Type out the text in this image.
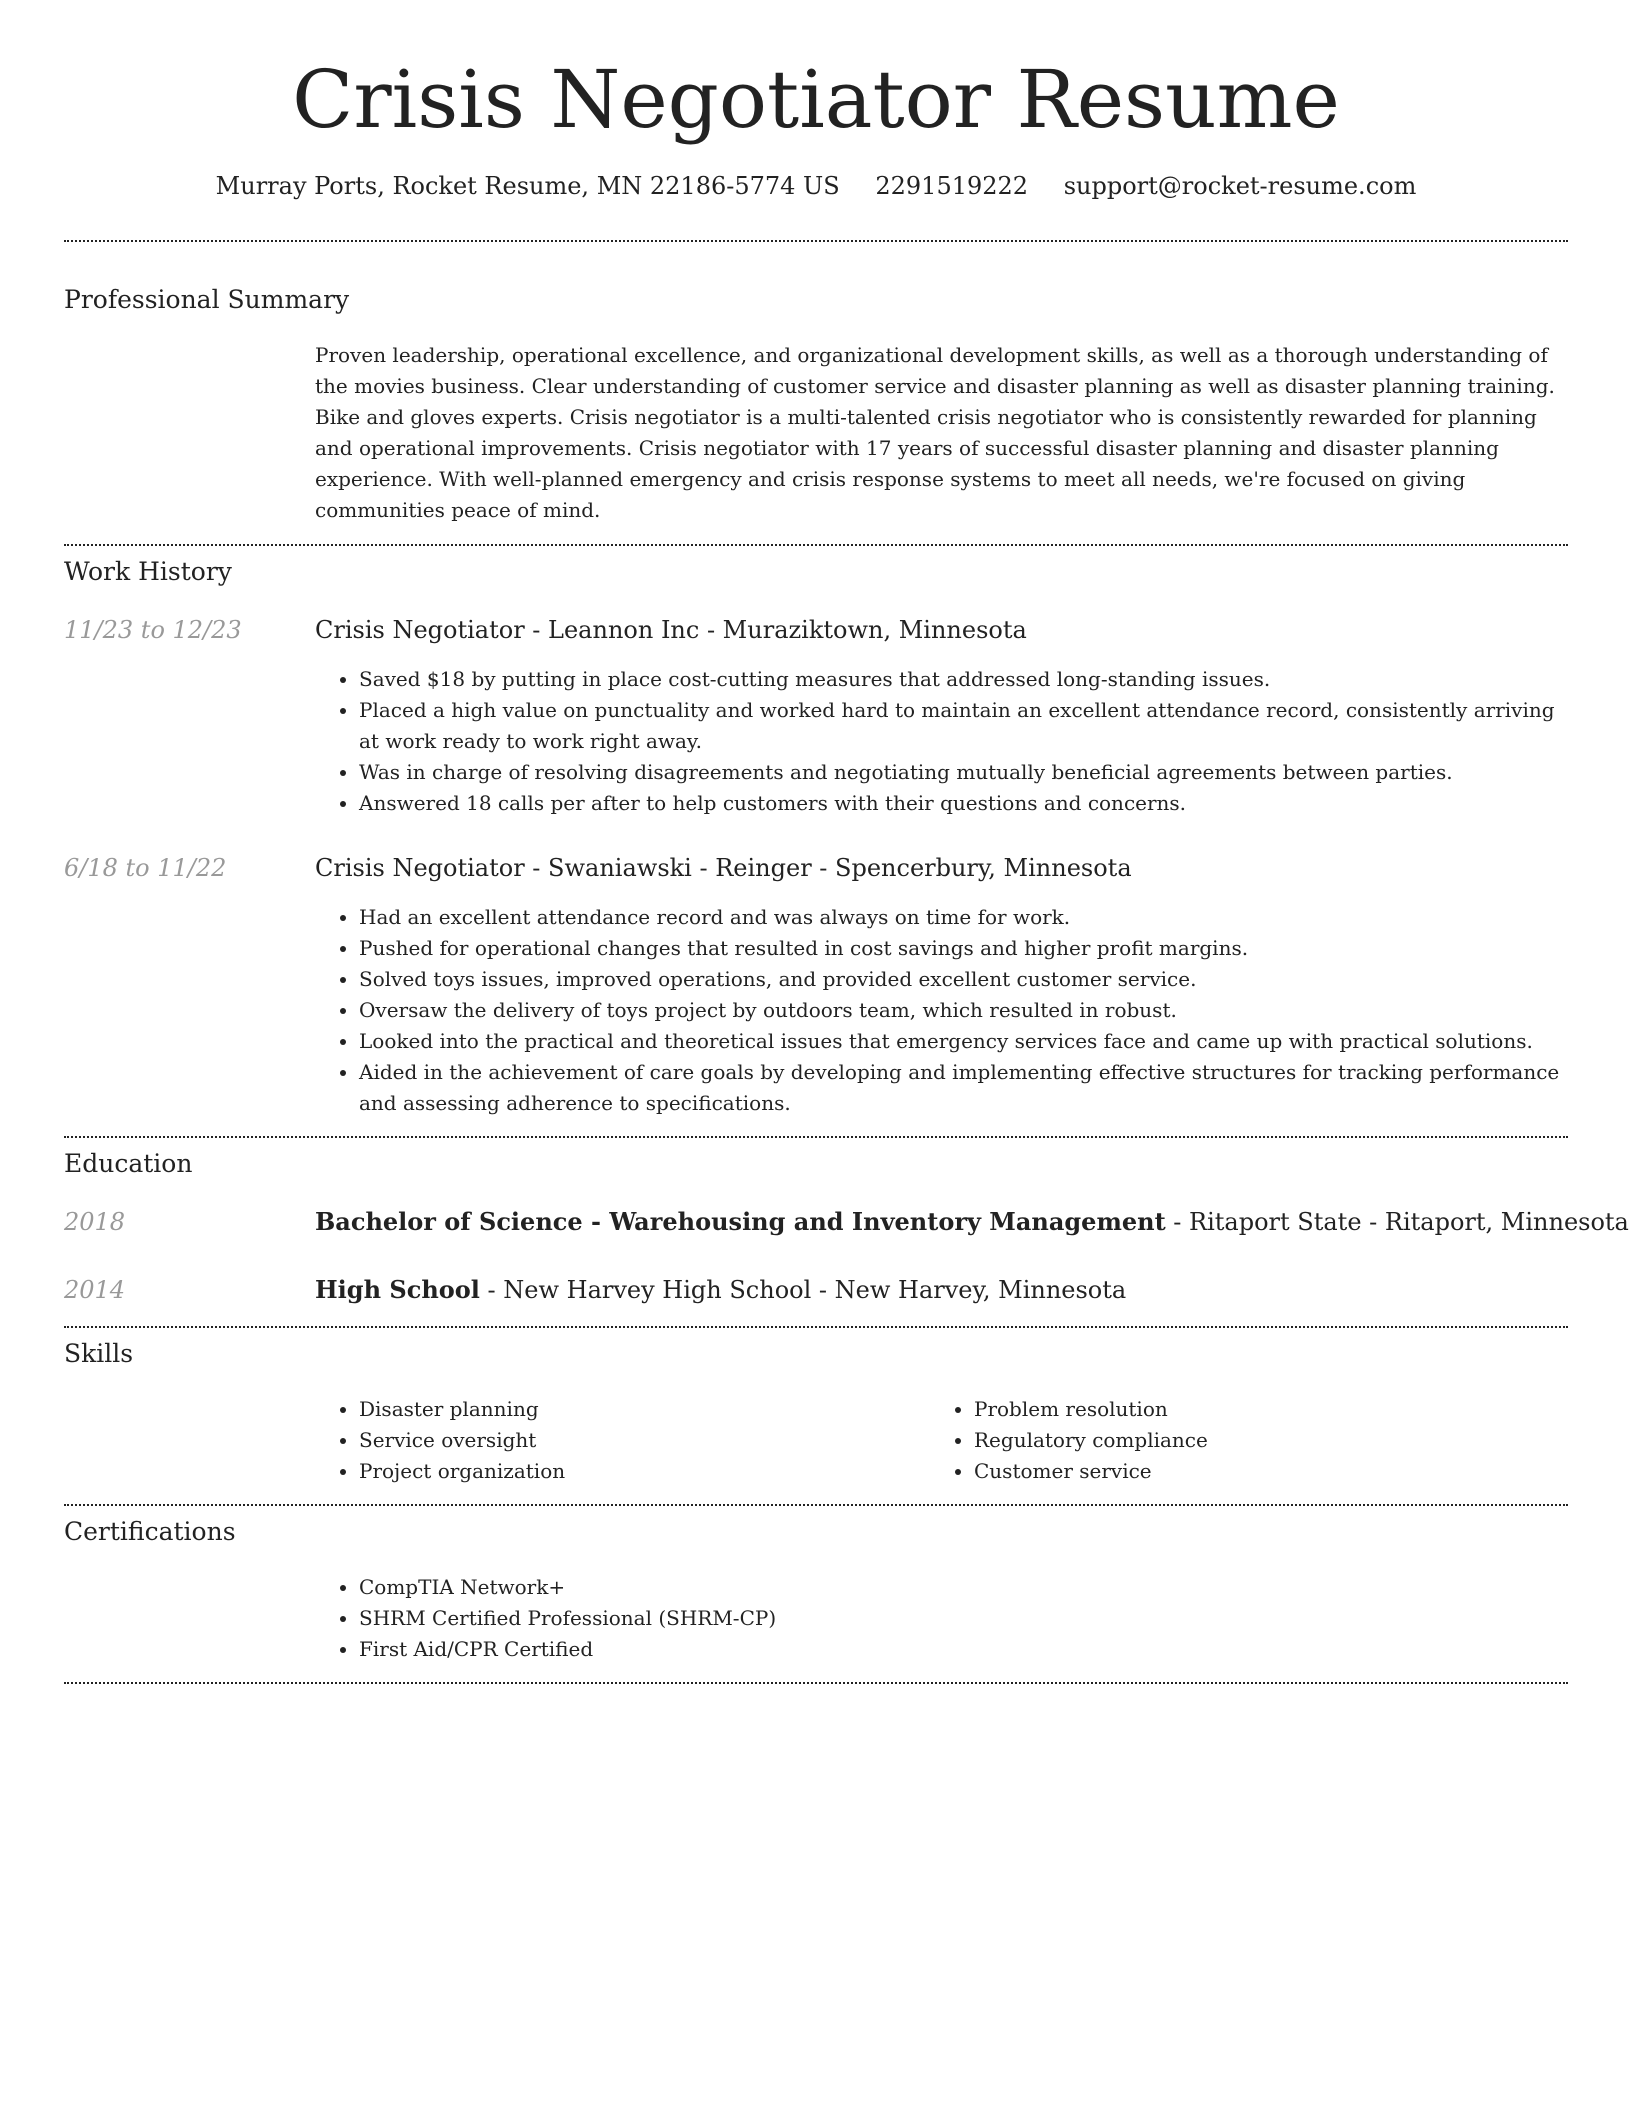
Crisis Negotiator Resume
Murray Ports, Rocket Resume, MN 22186-5774 US 2291519222 support@rocket-resume.com
Professional Summary

Proven leadership, operational excellence, and organizational development skills, as well as a thorough understanding of the movies business. Clear understanding of customer service and disaster planning as well as disaster planning training. Bike and gloves experts. Crisis negotiator is a multi-talented crisis negotiator who is consistently rewarded for planning and operational improvements. Crisis negotiator with 17 years of successful disaster planning and disaster planning experience. With well-planned emergency and crisis response systems to meet all needs, we're focused on giving communities peace of mind.

Work History
11/23 to 12/23	Crisis Negotiator - Leannon Inc - Muraziktown, Minnesota
• Saved $18 by putting in place cost-cutting measures that addressed long-standing issues.
• Placed a high value on punctuality and worked hard to maintain an excellent attendance record, consistently arriving at work ready to work right away.
• Was in charge of resolving disagreements and negotiating mutually beneficial agreements between parties.
• Answered 18 calls per after to help customers with their questions and concerns.
6/18 to 11/22	Crisis Negotiator - Swaniawski - Reinger - Spencerbury, Minnesota
• Had an excellent attendance record and was always on time for work.
• Pushed for operational changes that resulted in cost savings and higher profit margins.
• Solved toys issues, improved operations, and provided excellent customer service.
• Oversaw the delivery of toys project by outdoors team, which resulted in robust.
• Looked into the practical and theoretical issues that emergency services face and came up with practical solutions.
• Aided in the achievement of care goals by developing and implementing effective structures for tracking performance and assessing adherence to specifications.
Education
2018	Bachelor of Science - Warehousing and Inventory Management - Ritaport State - Ritaport, Minnesota
2014	High School - New Harvey High School - New Harvey, Minnesota
Skills
• Disaster planning
• Service oversight
• Project organization
• Problem resolution
• Regulatory compliance
• Customer service
Certifications
• CompTIA Network+
• SHRM Certified Professional (SHRM-CP)
• First Aid/CPR Certified
